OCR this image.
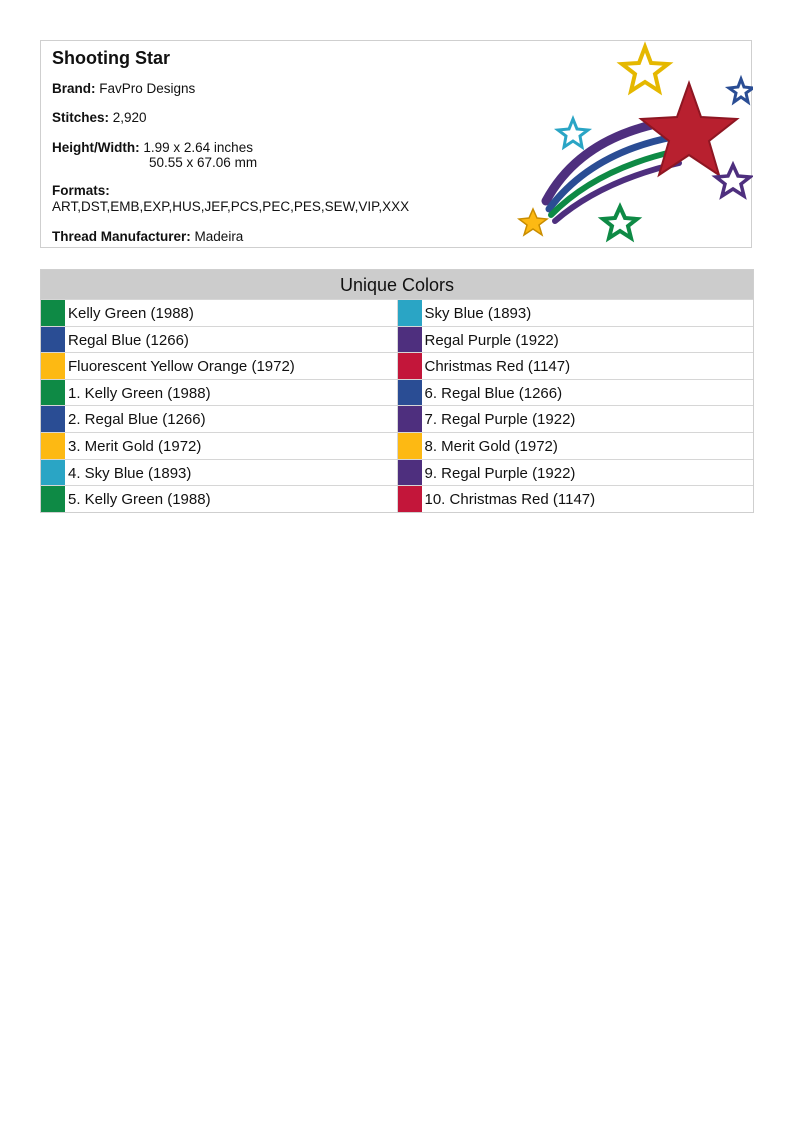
Shooting Star
Brand: FavPro Designs
Stitches: 2,920
Height/Width: 1.99 x 2.64 inches
50.55 x 67.06 mm
Formats:
ART,DST,EMB,EXP,HUS,JEF,PCS,PEC,PES,SEW,VIP,XXX
Thread Manufacturer: Madeira
Unique Colors
Kelly Green (1988)	Sky Blue (1893)
Regal Blue (1266)	Regal Purple (1922)
Fluorescent Yellow Orange (1972)	Christmas Red (1147)
1. Kelly Green (1988)	6. Regal Blue (1266)
2. Regal Blue (1266)	7. Regal Purple (1922)
3. Merit Gold (1972)	8. Merit Gold (1972)
4. Sky Blue (1893)	9. Regal Purple (1922)
5. Kelly Green (1988)	10. Christmas Red (1147)
